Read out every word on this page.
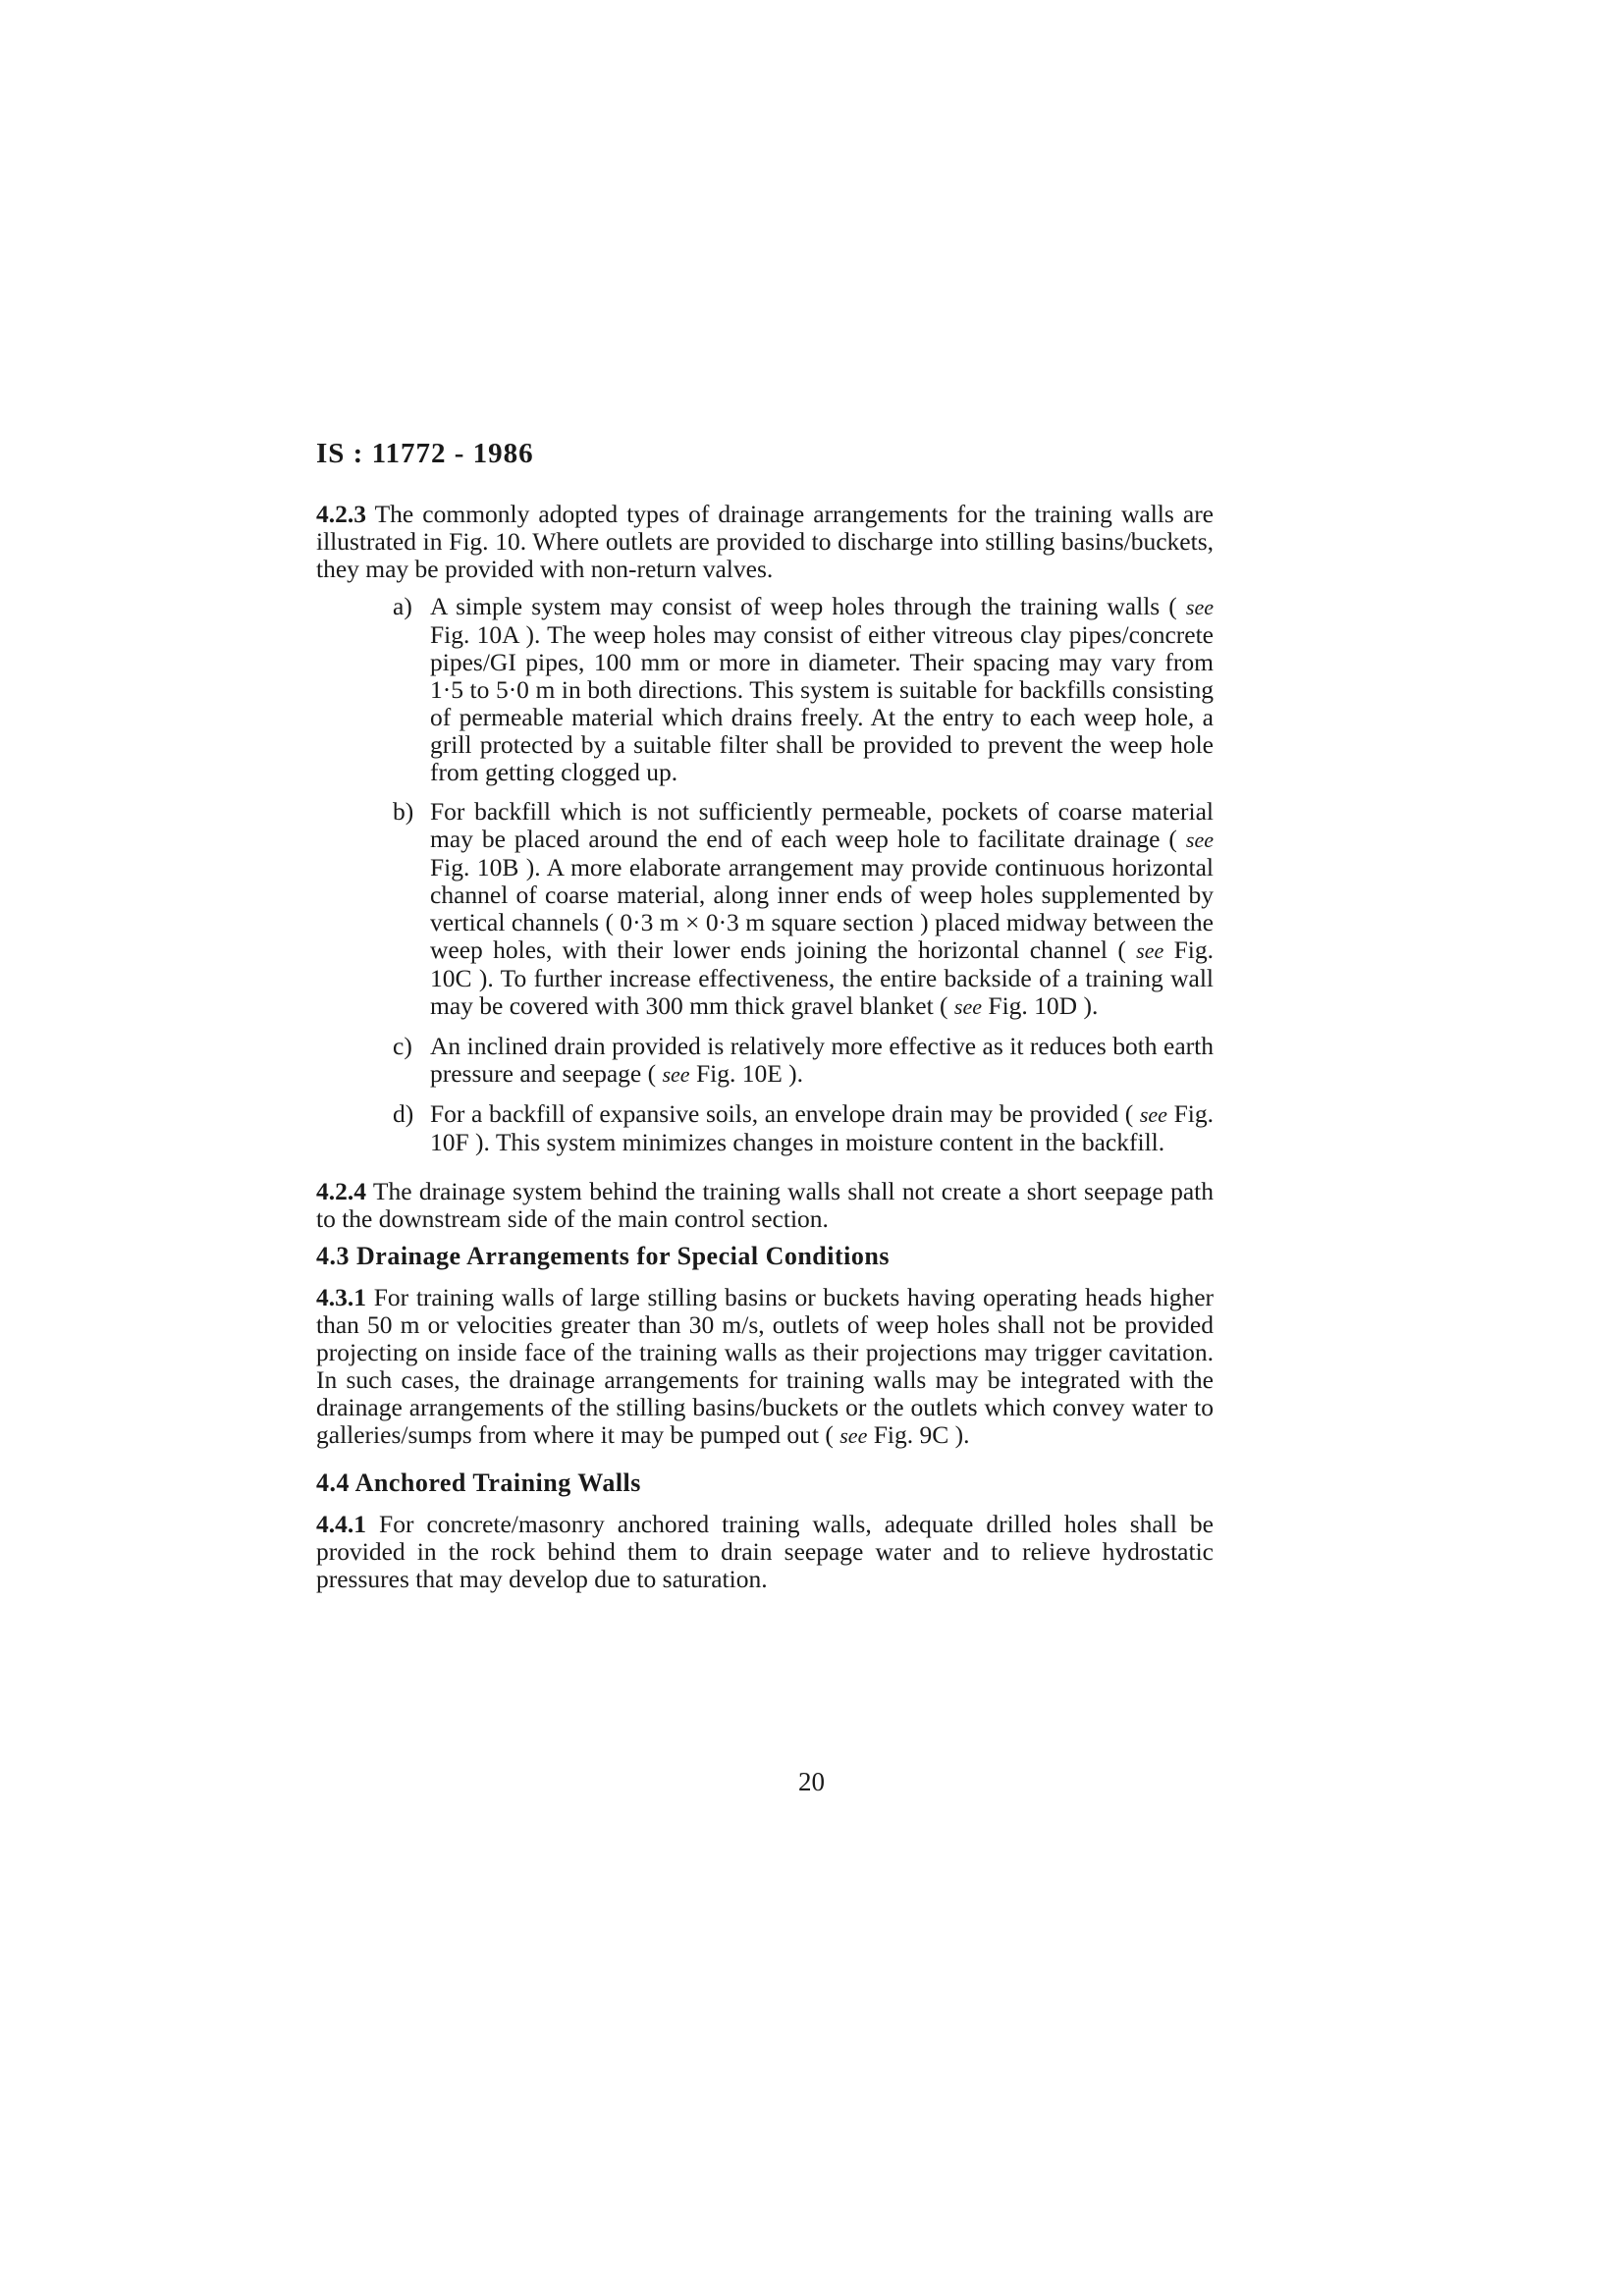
IS : 11772 - 1986

4.2.3 The commonly adopted types of drainage arrangements for the training walls are illustrated in Fig. 10. Where outlets are provided to discharge into stilling basins/buckets, they may be provided with non-return valves.

a) A simple system may consist of weep holes through the training walls ( see Fig. 10A ). The weep holes may consist of either vitreous clay pipes/concrete pipes/GI pipes, 100 mm or more in diameter. Their spacing may vary from 1·5 to 5·0 m in both directions. This system is suitable for backfills consisting of permeable material which drains freely. At the entry to each weep hole, a grill protected by a suitable filter shall be provided to prevent the weep hole from getting clogged up.
b) For backfill which is not sufficiently permeable, pockets of coarse material may be placed around the end of each weep hole to facilitate drainage ( see Fig. 10B ). A more elaborate arrangement may provide continuous horizontal channel of coarse material, along inner ends of weep holes supplemented by vertical channels ( 0·3 m × 0·3 m square section ) placed midway between the weep holes, with their lower ends joining the horizontal channel ( see Fig. 10C ). To further increase effectiveness, the entire backside of a training wall may be covered with 300 mm thick gravel blanket ( see Fig. 10D ).
c) An inclined drain provided is relatively more effective as it reduces both earth pressure and seepage ( see Fig. 10E ).
d) For a backfill of expansive soils, an envelope drain may be provided ( see Fig. 10F ). This system minimizes changes in moisture content in the backfill.

4.2.4 The drainage system behind the training walls shall not create a short seepage path to the downstream side of the main control section.

4.3 Drainage Arrangements for Special Conditions

4.3.1 For training walls of large stilling basins or buckets having operating heads higher than 50 m or velocities greater than 30 m/s, outlets of weep holes shall not be provided projecting on inside face of the training walls as their projections may trigger cavitation. In such cases, the drainage arrangements for training walls may be integrated with the drainage arrangements of the stilling basins/buckets or the outlets which convey water to galleries/sumps from where it may be pumped out ( see Fig. 9C ).

4.4 Anchored Training Walls

4.4.1 For concrete/masonry anchored training walls, adequate drilled holes shall be provided in the rock behind them to drain seepage water and to relieve hydrostatic pressures that may develop due to saturation.

20
